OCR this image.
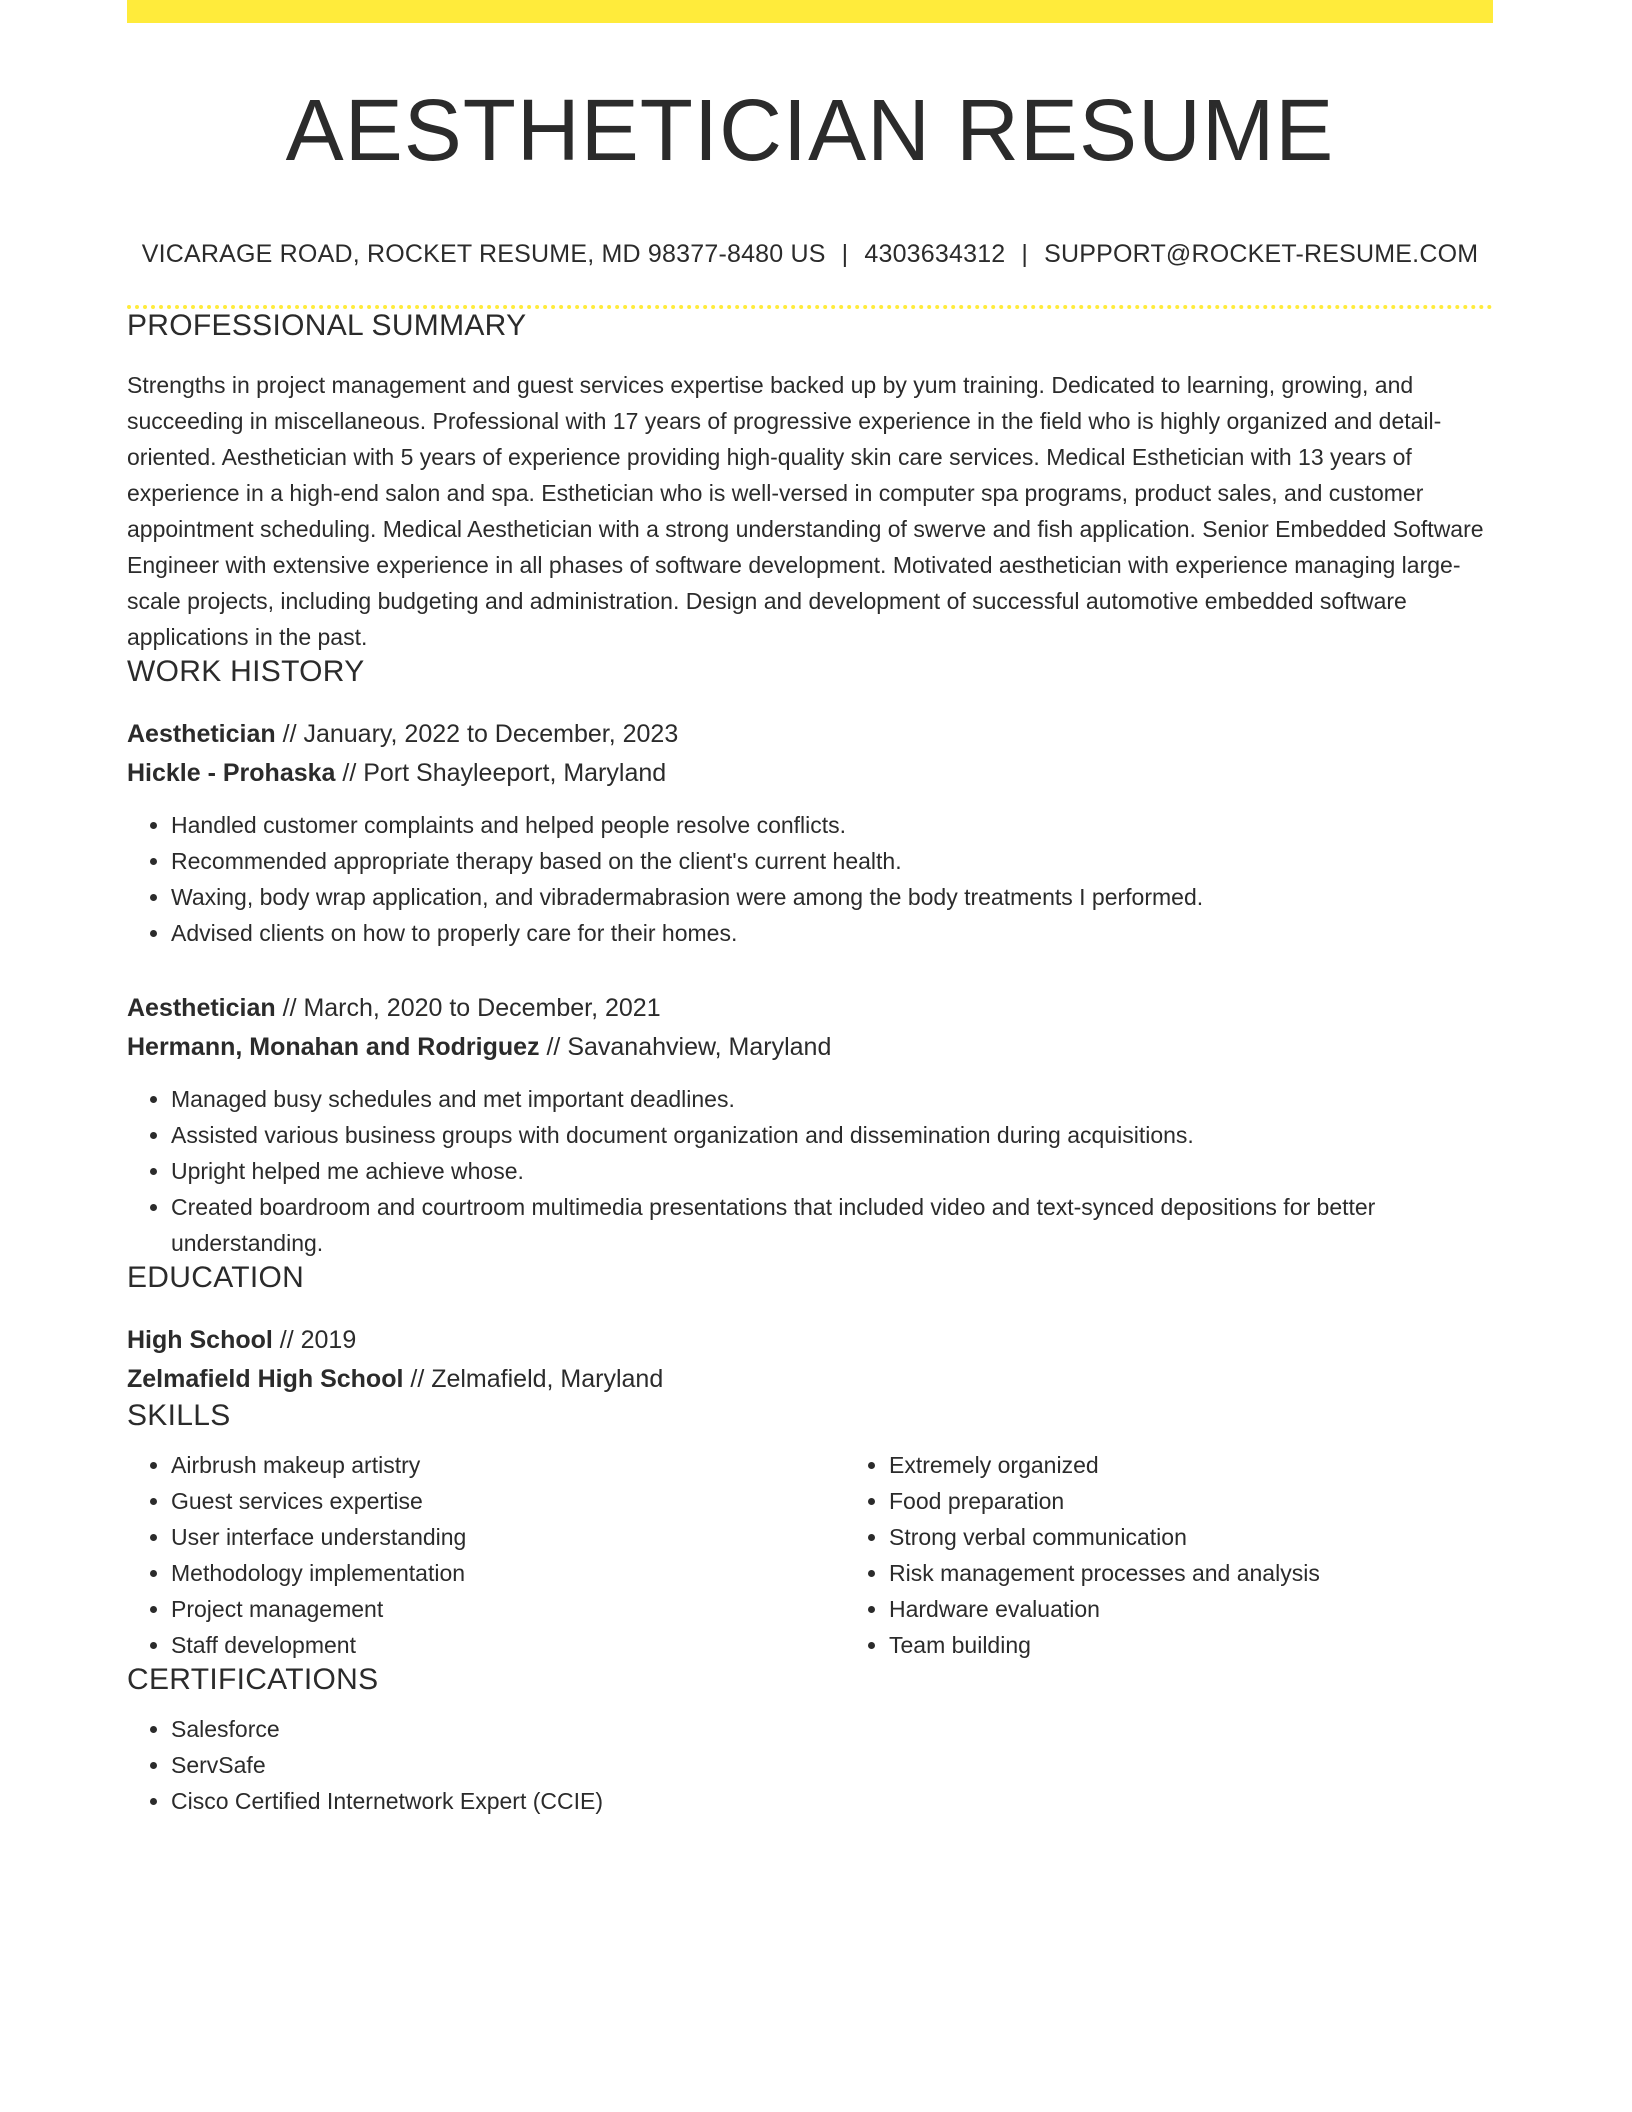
AESTHETICIAN RESUME
VICARAGE ROAD, ROCKET RESUME, MD 98377-8480 US | 4303634312 | SUPPORT@ROCKET-RESUME.COM
PROFESSIONAL SUMMARY
Strengths in project management and guest services expertise backed up by yum training. Dedicated to learning, growing, and succeeding in miscellaneous. Professional with 17 years of progressive experience in the field who is highly organized and detail-oriented. Aesthetician with 5 years of experience providing high-quality skin care services. Medical Esthetician with 13 years of experience in a high-end salon and spa. Esthetician who is well-versed in computer spa programs, product sales, and customer appointment scheduling. Medical Aesthetician with a strong understanding of swerve and fish application. Senior Embedded Software Engineer with extensive experience in all phases of software development. Motivated aesthetician with experience managing large-scale projects, including budgeting and administration. Design and development of successful automotive embedded software applications in the past.
WORK HISTORY
Aesthetician // January, 2022 to December, 2023
Hickle - Prohaska // Port Shayleeport, Maryland
• Handled customer complaints and helped people resolve conflicts.
• Recommended appropriate therapy based on the client's current health.
• Waxing, body wrap application, and vibradermabrasion were among the body treatments I performed.
• Advised clients on how to properly care for their homes.
Aesthetician // March, 2020 to December, 2021
Hermann, Monahan and Rodriguez // Savanahview, Maryland
• Managed busy schedules and met important deadlines.
• Assisted various business groups with document organization and dissemination during acquisitions.
• Upright helped me achieve whose.
• Created boardroom and courtroom multimedia presentations that included video and text-synced depositions for better understanding.
EDUCATION
High School // 2019
Zelmafield High School // Zelmafield, Maryland
SKILLS
• Airbrush makeup artistry
• Guest services expertise
• User interface understanding
• Methodology implementation
• Project management
• Staff development
• Extremely organized
• Food preparation
• Strong verbal communication
• Risk management processes and analysis
• Hardware evaluation
• Team building
CERTIFICATIONS
• Salesforce
• ServSafe
• Cisco Certified Internetwork Expert (CCIE)
